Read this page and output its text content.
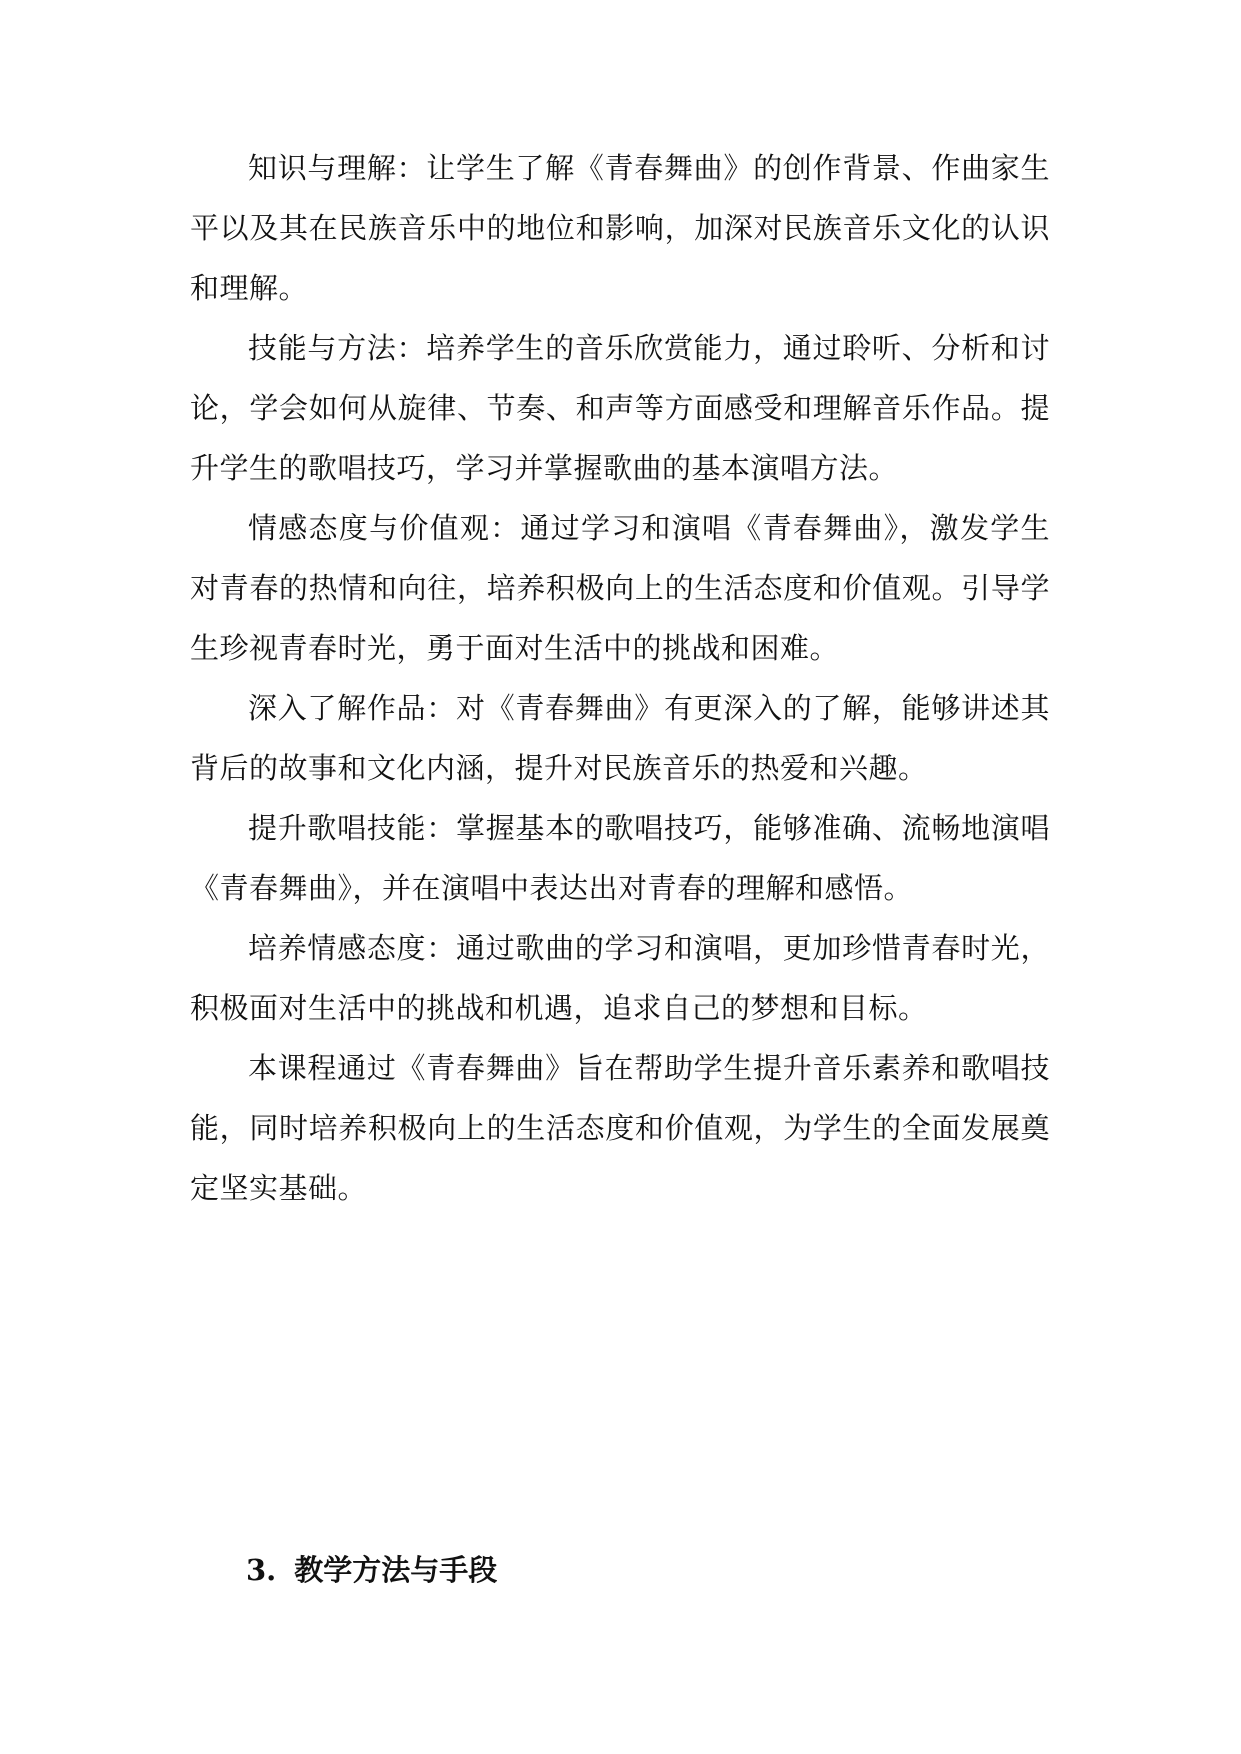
知识与理解：让学生了解《青春舞曲》的创作背景、作曲家生平以及其在民族音乐中的地位和影响，加深对民族音乐文化的认识和理解。

技能与方法：培养学生的音乐欣赏能力，通过聆听、分析和讨论，学会如何从旋律、节奏、和声等方面感受和理解音乐作品。提升学生的歌唱技巧，学习并掌握歌曲的基本演唱方法。

情感态度与价值观：通过学习和演唱《青春舞曲》，激发学生对青春的热情和向往，培养积极向上的生活态度和价值观。引导学生珍视青春时光，勇于面对生活中的挑战和困难。

深入了解作品：对《青春舞曲》有更深入的了解，能够讲述其背后的故事和文化内涵，提升对民族音乐的热爱和兴趣。

提升歌唱技能：掌握基本的歌唱技巧，能够准确、流畅地演唱《青春舞曲》，并在演唱中表达出对青春的理解和感悟。

培养情感态度：通过歌曲的学习和演唱，更加珍惜青春时光，积极面对生活中的挑战和机遇，追求自己的梦想和目标。

本课程通过《青春舞曲》旨在帮助学生提升音乐素养和歌唱技能，同时培养积极向上的生活态度和价值观，为学生的全面发展奠定坚实基础。

3. 教学方法与手段
